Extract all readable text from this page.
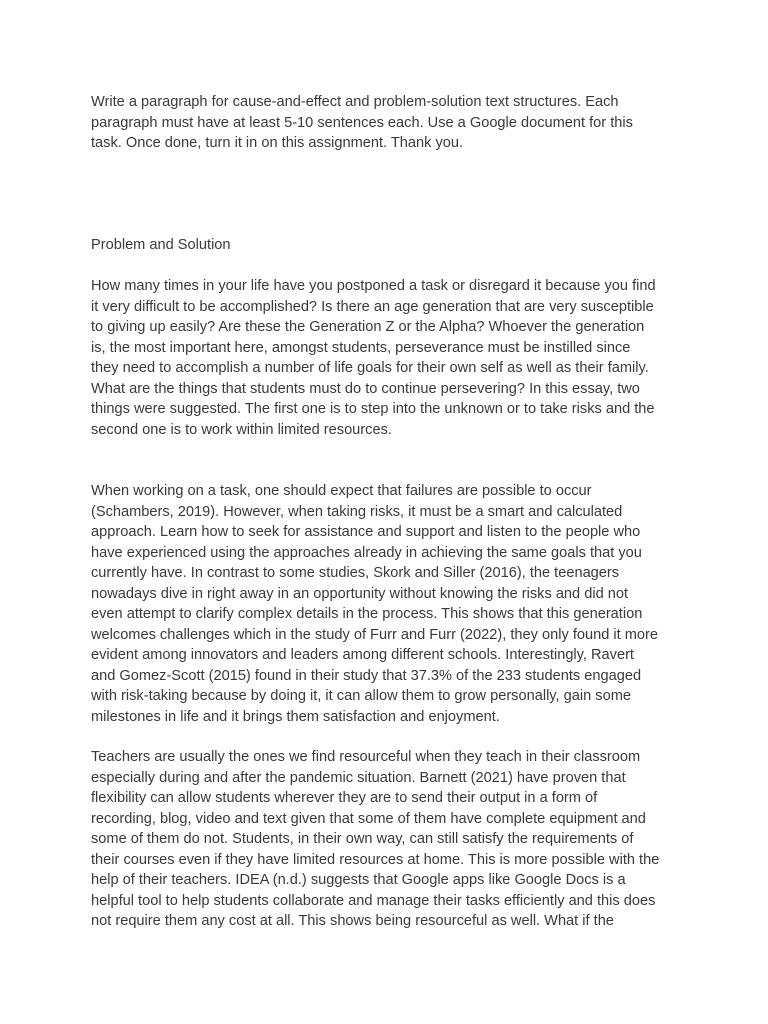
Write a paragraph for cause-and-effect and problem-solution text structures. Each
paragraph must have at least 5-10 sentences each. Use a Google document for this
task. Once done, turn it in on this assignment. Thank you.

Problem and Solution

How many times in your life have you postponed a task or disregard it because you find
it very difficult to be accomplished? Is there an age generation that are very susceptible
to giving up easily? Are these the Generation Z or the Alpha? Whoever the generation
is, the most important here, amongst students, perseverance must be instilled since
they need to accomplish a number of life goals for their own self as well as their family.
What are the things that students must do to continue persevering? In this essay, two
things were suggested. The first one is to step into the unknown or to take risks and the
second one is to work within limited resources.

When working on a task, one should expect that failures are possible to occur
(Schambers, 2019). However, when taking risks, it must be a smart and calculated
approach. Learn how to seek for assistance and support and listen to the people who
have experienced using the approaches already in achieving the same goals that you
currently have. In contrast to some studies, Skork and Siller (2016), the teenagers
nowadays dive in right away in an opportunity without knowing the risks and did not
even attempt to clarify complex details in the process. This shows that this generation
welcomes challenges which in the study of Furr and Furr (2022), they only found it more
evident among innovators and leaders among different schools. Interestingly, Ravert
and Gomez-Scott (2015) found in their study that 37.3% of the 233 students engaged
with risk-taking because by doing it, it can allow them to grow personally, gain some
milestones in life and it brings them satisfaction and enjoyment.

Teachers are usually the ones we find resourceful when they teach in their classroom
especially during and after the pandemic situation. Barnett (2021) have proven that
flexibility can allow students wherever they are to send their output in a form of
recording, blog, video and text given that some of them have complete equipment and
some of them do not. Students, in their own way, can still satisfy the requirements of
their courses even if they have limited resources at home. This is more possible with the
help of their teachers. IDEA (n.d.) suggests that Google apps like Google Docs is a
helpful tool to help students collaborate and manage their tasks efficiently and this does
not require them any cost at all. This shows being resourceful as well. What if the
